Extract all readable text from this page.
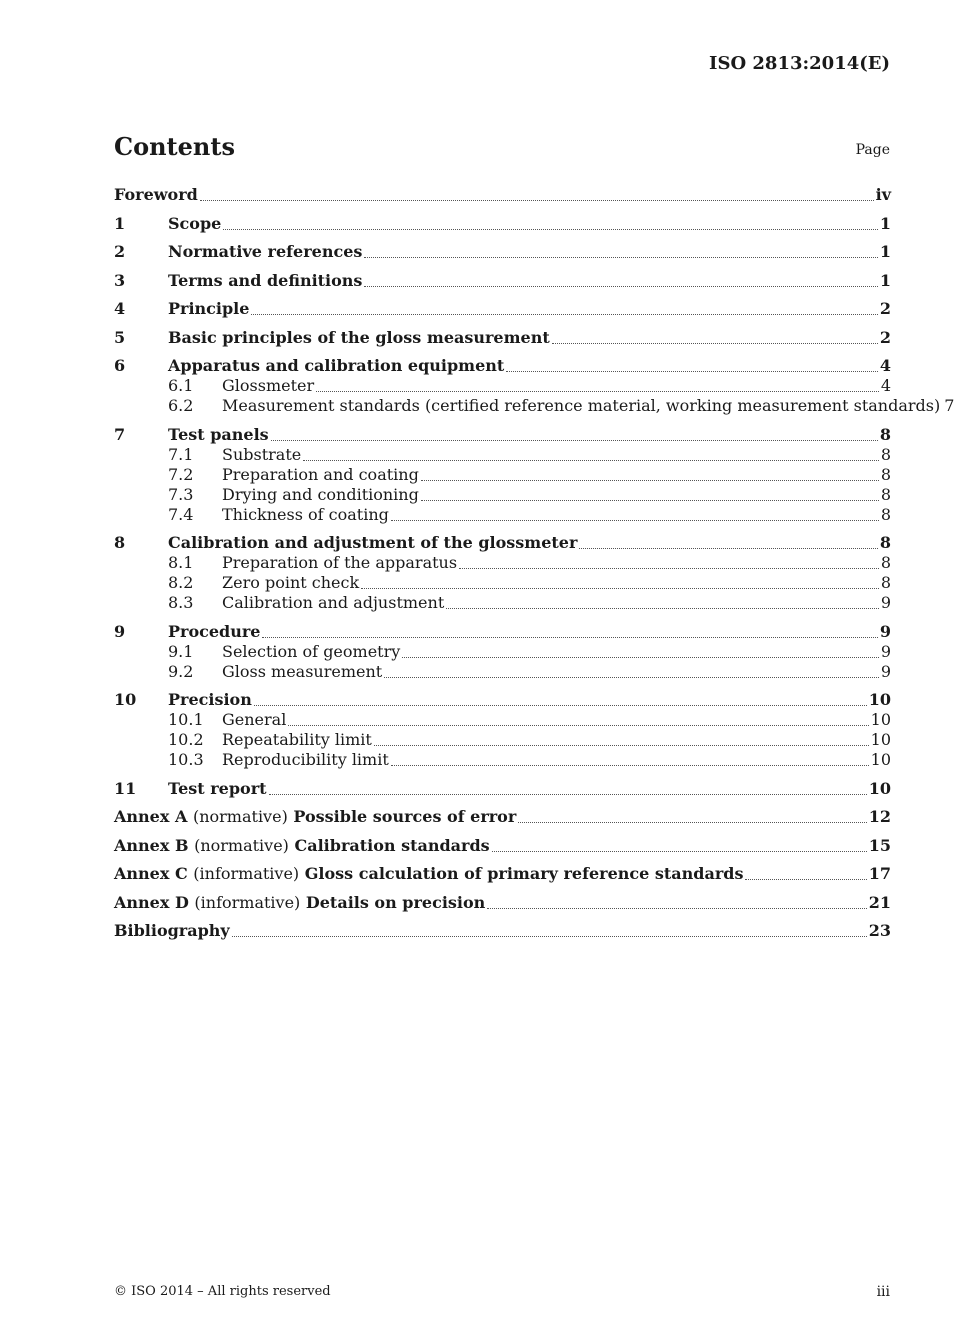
ISO 2813:2014(E)
Contents	Page
Foreword	iv
1	Scope	1
2	Normative references	1
3	Terms and definitions	1
4	Principle	2
5	Basic principles of the gloss measurement	2
6	Apparatus and calibration equipment	4
6.1	Glossmeter	4
6.2	Measurement standards (certified reference material, working measurement standards) 7
7	Test panels	8
7.1	Substrate	8
7.2	Preparation and coating	8
7.3	Drying and conditioning	8
7.4	Thickness of coating	8
8	Calibration and adjustment of the glossmeter	8
8.1	Preparation of the apparatus	8
8.2	Zero point check	8
8.3	Calibration and adjustment	9
9	Procedure	9
9.1	Selection of geometry	9
9.2	Gloss measurement	9
10	Precision	10
10.1	General	10
10.2	Repeatability limit	10
10.3	Reproducibility limit	10
11	Test report	10
Annex A (normative) Possible sources of error	12
Annex B (normative) Calibration standards	15
Annex C (informative) Gloss calculation of primary reference standards	17
Annex D (informative) Details on precision	21
Bibliography	23
© ISO 2014 – All rights reserved	iii
